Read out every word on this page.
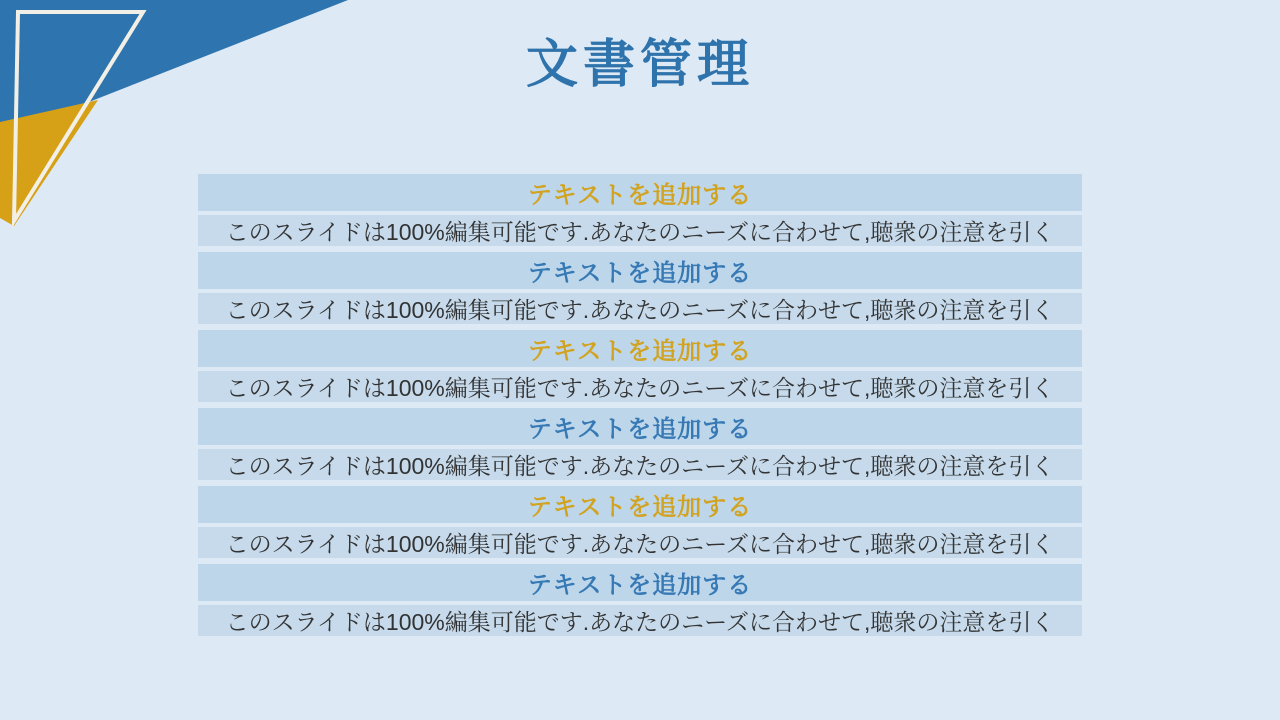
文書管理
テキストを追加する
このスライドは100%編集可能です.あなたのニーズに合わせて,聴衆の注意を引く
テキストを追加する
このスライドは100%編集可能です.あなたのニーズに合わせて,聴衆の注意を引く
テキストを追加する
このスライドは100%編集可能です.あなたのニーズに合わせて,聴衆の注意を引く
テキストを追加する
このスライドは100%編集可能です.あなたのニーズに合わせて,聴衆の注意を引く
テキストを追加する
このスライドは100%編集可能です.あなたのニーズに合わせて,聴衆の注意を引く
テキストを追加する
このスライドは100%編集可能です.あなたのニーズに合わせて,聴衆の注意を引く
